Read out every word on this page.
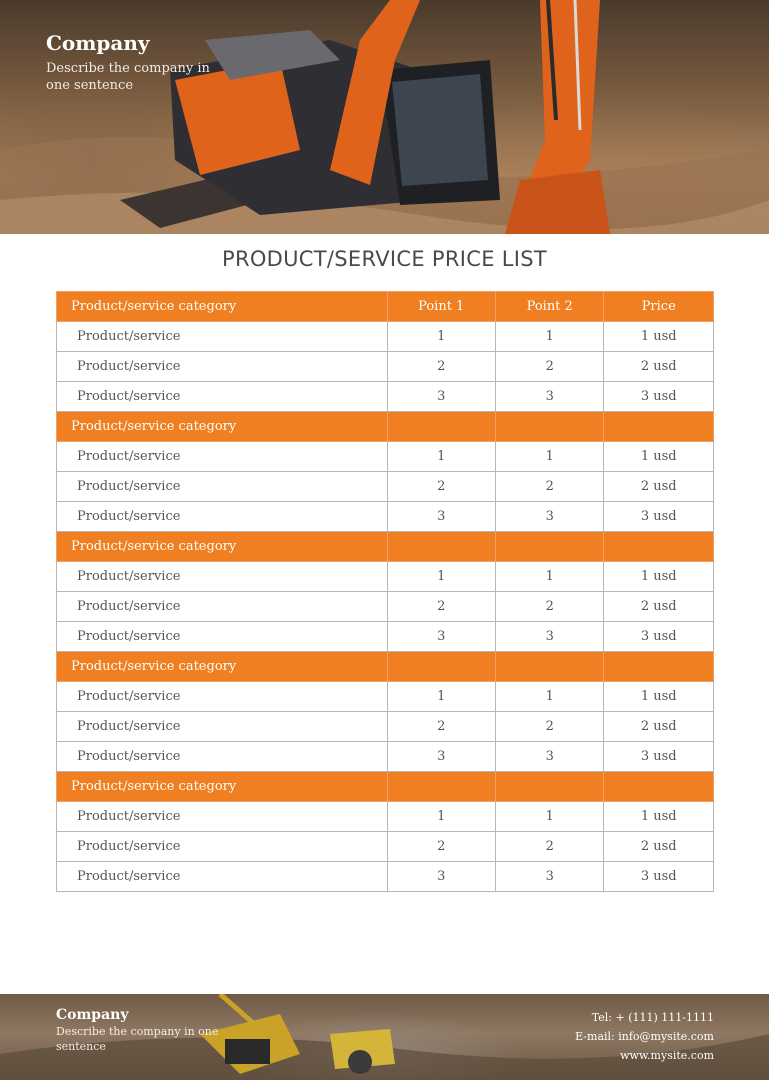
Company
Describe the company in one sentence
PRODUCT/SERVICE PRICE LIST
Product/service category	Point 1	Point 2	Price
Product/service	1	1	1 usd
Product/service	2	2	2 usd
Product/service	3	3	3 usd
Product/service category			
Product/service	1	1	1 usd
Product/service	2	2	2 usd
Product/service	3	3	3 usd
Product/service category			
Product/service	1	1	1 usd
Product/service	2	2	2 usd
Product/service	3	3	3 usd
Product/service category			
Product/service	1	1	1 usd
Product/service	2	2	2 usd
Product/service	3	3	3 usd
Product/service category			
Product/service	1	1	1 usd
Product/service	2	2	2 usd
Product/service	3	3	3 usd
Company
Describe the company in one sentence
Tel: + (111) 111-1111
E-mail: info@mysite.com
www.mysite.com
